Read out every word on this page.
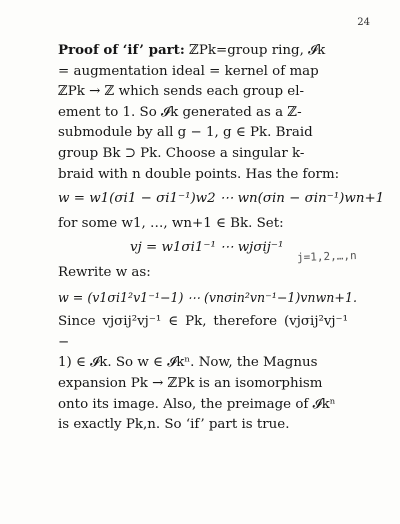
24

Proof of ‘if’ part: ℤPk=group ring, 𝓘k

= augmentation ideal = kernel of map

ℤPk → ℤ which sends each group el-

ement to 1. So 𝓘k generated as a ℤ-

submodule by all g − 1, g ∈ Pk. Braid

group Bk ⊃ Pk. Choose a singular k-

braid with n double points. Has the form:

w = w1(σi1 − σi1⁻¹)w2 ⋯ wn(σin − σin⁻¹)wn+1

for some w1, …, wn+1 ∈ Bk. Set:

vj = w1σi1⁻¹ ⋯ wjσij⁻¹

Rewrite w as:

w = (v1σi1²v1⁻¹−1) ⋯ (vnσin²vn⁻¹−1)vnwn+1.

Since vjσij²vj⁻¹ ∈ Pk, therefore (vjσij²vj⁻¹ −

1) ∈ 𝓘k. So w ∈ 𝓘kⁿ. Now, the Magnus

expansion Pk → ℤPk is an isomorphism

onto its image. Also, the preimage of 𝓘kⁿ

is exactly Pk,n. So ‘if’ part is true.

j=1,2,…,n
